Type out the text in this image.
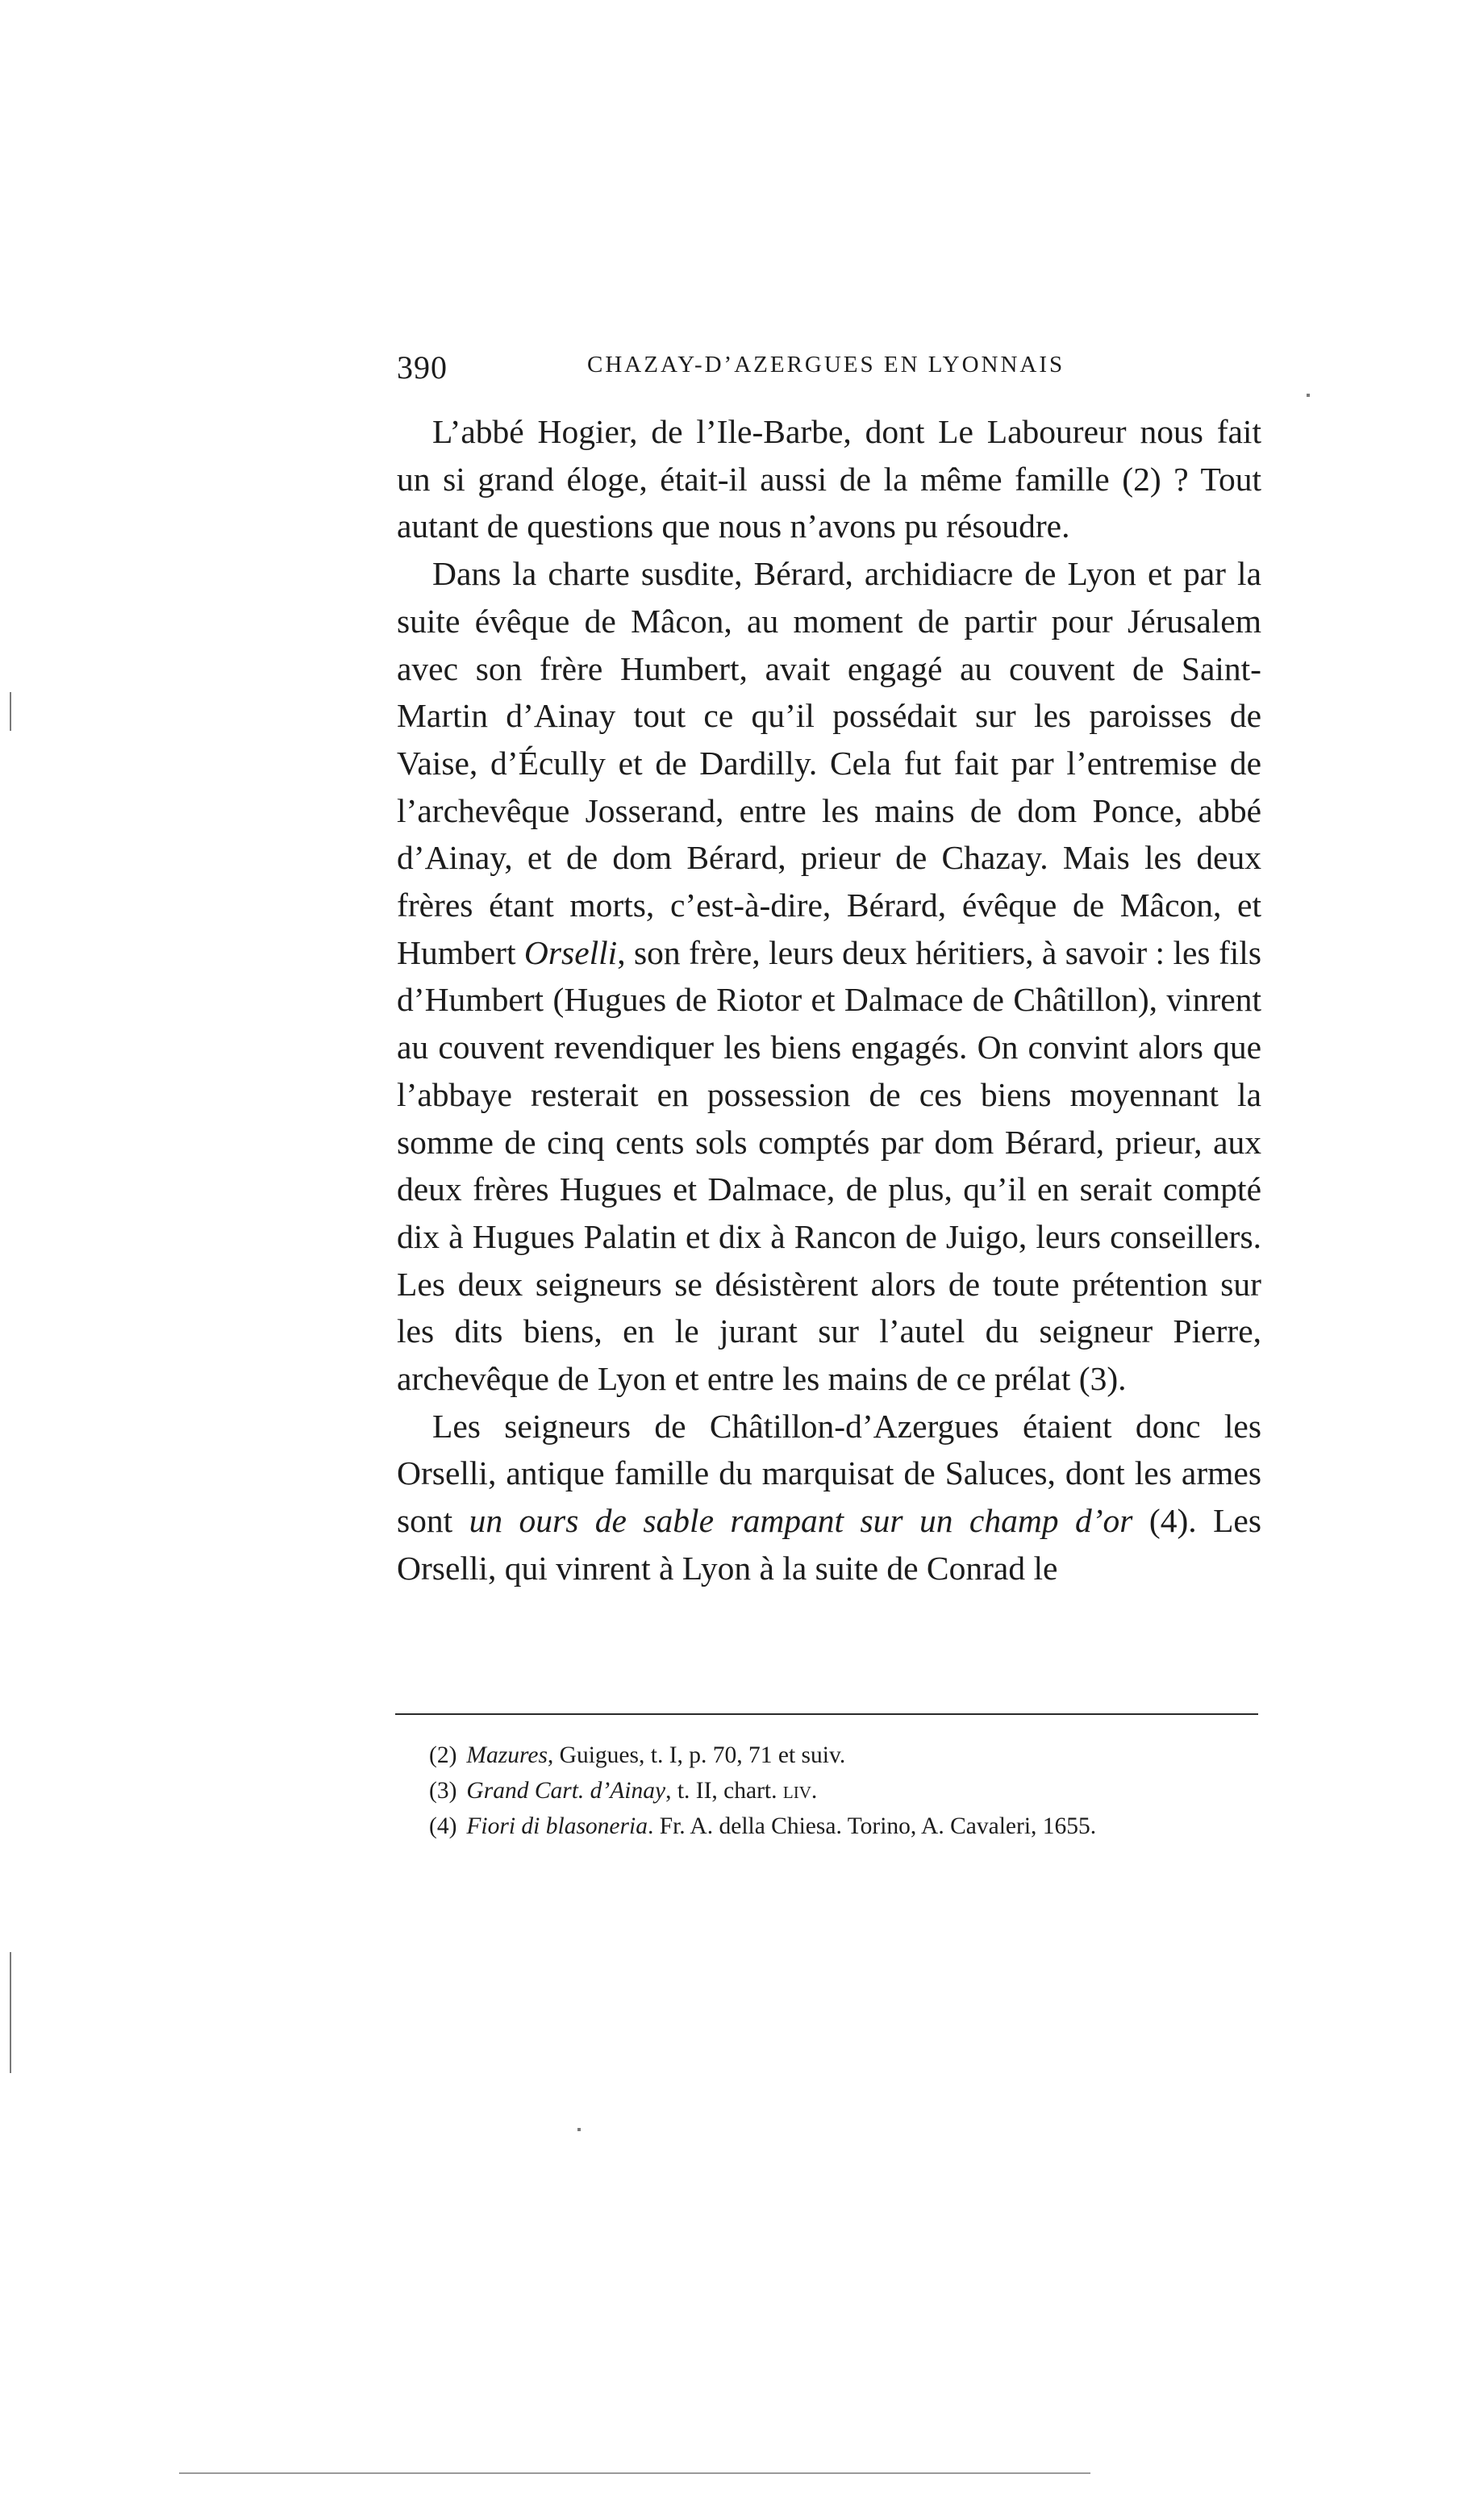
390	CHAZAY-D’AZERGUES EN LYONNAIS

L’abbé Hogier, de l’Ile-Barbe, dont Le Laboureur nous fait un si grand éloge, était-il aussi de la même famille (2) ? Tout autant de questions que nous n’avons pu résoudre.

Dans la charte susdite, Bérard, archidiacre de Lyon et par la suite évêque de Mâcon, au moment de partir pour Jérusalem avec son frère Humbert, avait engagé au couvent de Saint-Martin d’Ainay tout ce qu’il possédait sur les paroisses de Vaise, d’Écully et de Dardilly. Cela fut fait par l’entremise de l’archevêque Josserand, entre les mains de dom Ponce, abbé d’Ainay, et de dom Bérard, prieur de Chazay. Mais les deux frères étant morts, c’est-à-dire, Bérard, évêque de Mâcon, et Humbert Orselli, son frère, leurs deux héritiers, à savoir : les fils d’Humbert (Hugues de Riotor et Dalmace de Châtillon), vinrent au couvent revendiquer les biens engagés. On convint alors que l’abbaye resterait en possession de ces biens moyennant la somme de cinq cents sols comptés par dom Bérard, prieur, aux deux frères Hugues et Dalmace, de plus, qu’il en serait compté dix à Hugues Palatin et dix à Rancon de Juigo, leurs conseillers. Les deux seigneurs se désistèrent alors de toute prétention sur les dits biens, en le jurant sur l’autel du seigneur Pierre, archevêque de Lyon et entre les mains de ce prélat (3).

Les seigneurs de Châtillon-d’Azergues étaient donc les Orselli, antique famille du marquisat de Saluces, dont les armes sont un ours de sable rampant sur un champ d’or (4). Les Orselli, qui vinrent à Lyon à la suite de Conrad le

(2) Mazures, Guigues, t. I, p. 70, 71 et suiv.

(3) Grand Cart. d’Ainay, t. II, chart. liv.

(4) Fiori di blasoneria. Fr. A. della Chiesa. Torino, A. Cavaleri, 1655.
